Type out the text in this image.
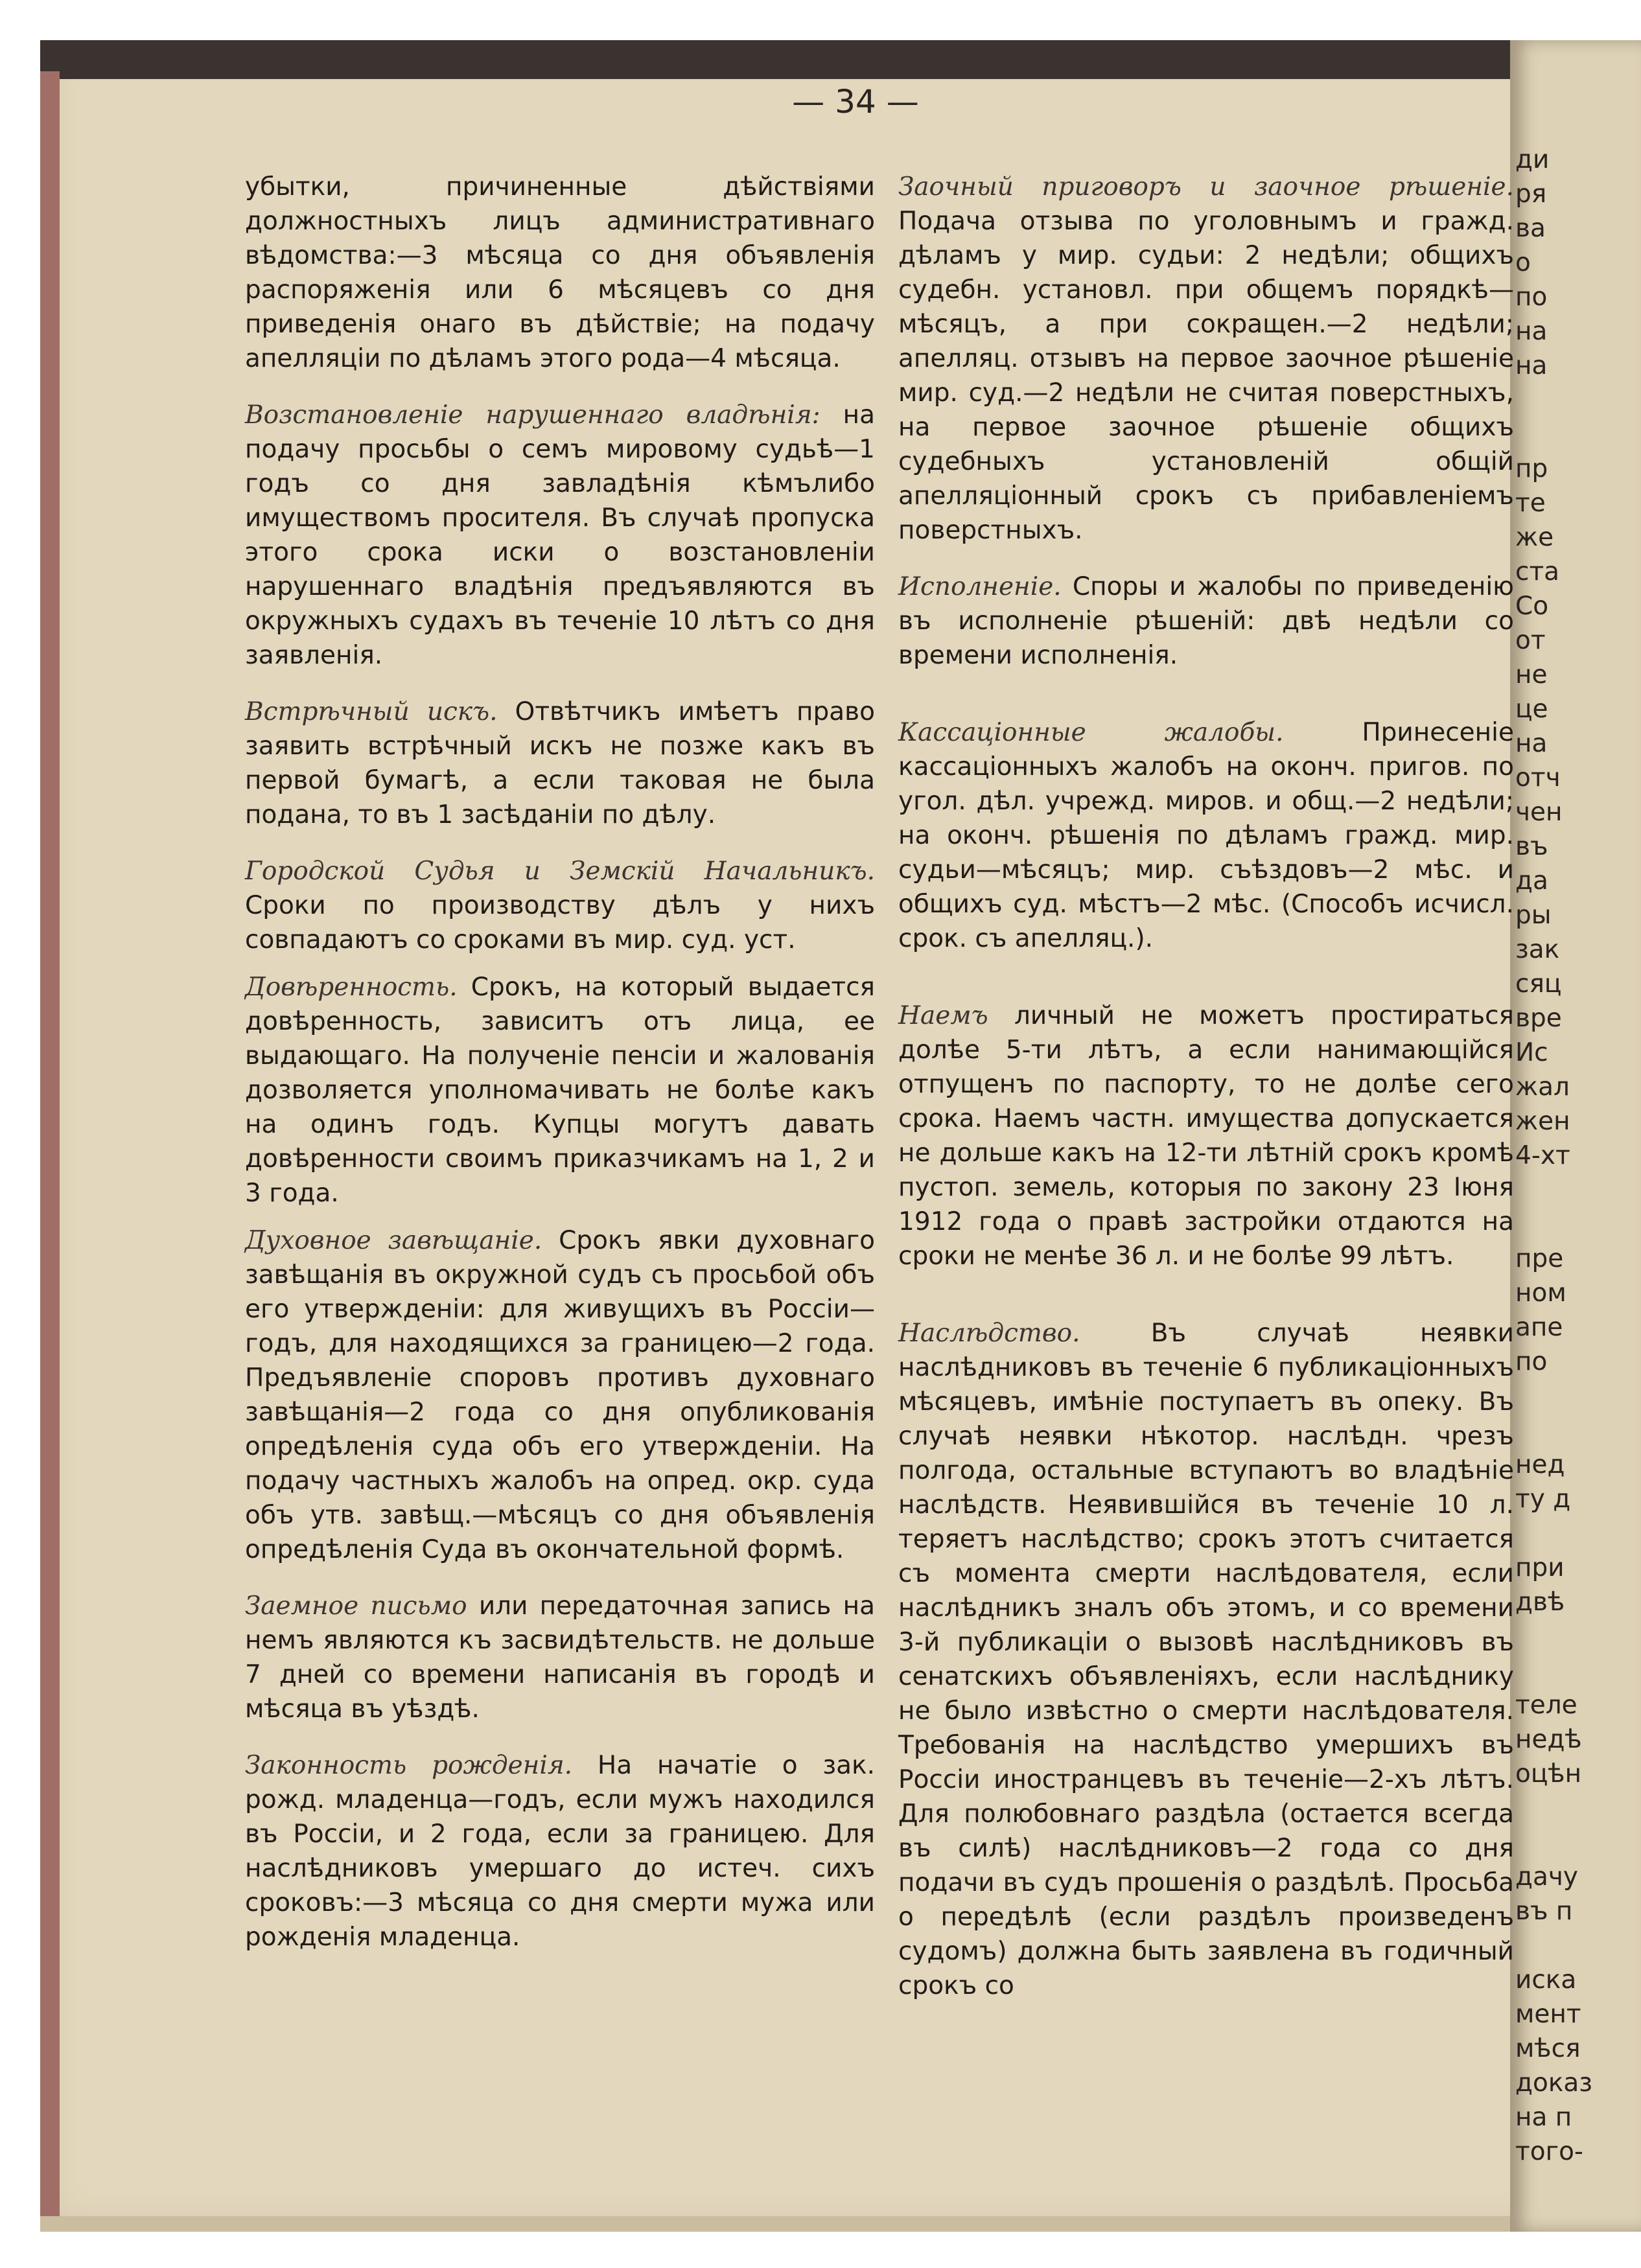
— 34 —

убытки, причиненные дѣйствіями должностныхъ лицъ административнаго вѣдомства:—3 мѣсяца со дня объявленія распоряженія или 6 мѣсяцевъ со дня приведенія онаго въ дѣйствіе; на подачу апелляціи по дѣламъ этого рода—4 мѣсяца.

Возстановленіе нарушеннаго владѣнія: на подачу просьбы о семъ мировому судьѣ—1 годъ со дня завладѣнія кѣмълибо имуществомъ просителя. Въ случаѣ пропуска этого срока иски о возстановленіи нарушеннаго владѣнія предъявляются въ окружныхъ судахъ въ теченіе 10 лѣтъ со дня заявленія.

Встрѣчный искъ. Отвѣтчикъ имѣетъ право заявить встрѣчный искъ не позже какъ въ первой бумагѣ, а если таковая не была подана, то въ 1 засѣданіи по дѣлу.

Городской Судья и Земскій Начальникъ. Сроки по производству дѣлъ у нихъ совпадаютъ со сроками въ мир. суд. уст.

Довѣренность. Срокъ, на который выдается довѣренность, зависитъ отъ лица, ее выдающаго. На полученіе пенсіи и жалованія дозволяется уполномачивать не болѣе какъ на одинъ годъ. Купцы могутъ давать довѣренности своимъ приказчикамъ на 1, 2 и 3 года.

Духовное завѣщаніе. Срокъ явки духовнаго завѣщанія въ окружной судъ съ просьбой объ его утвержденіи: для живущихъ въ Россіи—годъ, для находящихся за границею—2 года. Предъявленіе споровъ противъ духовнаго завѣщанія—2 года со дня опубликованія опредѣленія суда объ его утвержденіи. На подачу частныхъ жалобъ на опред. окр. суда объ утв. завѣщ.—мѣсяцъ со дня объявленія опредѣленія Суда въ окончательной формѣ.

Заемное письмо или передаточная запись на немъ являются къ засвидѣтельств. не дольше 7 дней со времени написанія въ городѣ и мѣсяца въ уѣздѣ.

Законность рожденія. На начатіе о зак. рожд. младенца—годъ, если мужъ находился въ Россіи, и 2 года, если за границею. Для наслѣдниковъ умершаго до истеч. сихъ сроковъ:—3 мѣсяца со дня смерти мужа или рожденія младенца.

Заочный приговоръ и заочное рѣшеніе. Подача отзыва по уголовнымъ и гражд. дѣламъ у мир. судьи: 2 недѣли; общихъ судебн. установл. при общемъ порядкѣ—мѣсяцъ, а при сокращен.—2 недѣли; апелляц. отзывъ на первое заочное рѣшеніе мир. суд.—2 недѣли не считая поверстныхъ, на первое заочное рѣшеніе общихъ судебныхъ установленій общій апелляціонный срокъ съ прибавленіемъ поверстныхъ.

Исполненіе. Споры и жалобы по приведенію въ исполненіе рѣшеній: двѣ недѣли со времени исполненія.

Кассаціонные жалобы.	Принесеніе кассаціонныхъ жалобъ на оконч. пригов. по угол. дѣл. учрежд. миров. и общ.—2 недѣли; на оконч. рѣшенія по дѣламъ гражд. мир. судьи—мѣсяцъ; мир. съѣздовъ—2 мѣс. и общихъ суд. мѣстъ—2 мѣс. (Способъ исчисл. срок. съ апелляц.).

Наемъ личный не можетъ простираться долѣе 5-ти лѣтъ, а если нанимающійся отпущенъ по паспорту, то не долѣе сего срока. Наемъ частн. имущества допускается не дольше какъ на 12-ти лѣтній срокъ кромѣ пустоп. земель, которыя по закону 23 Іюня 1912 года о правѣ застройки отдаются на сроки не менѣе 36 л. и не болѣе 99 лѣтъ.

Наслѣдство.	Въ случаѣ неявки наслѣдниковъ въ теченіе 6 публикаціонныхъ мѣсяцевъ, имѣніе поступаетъ въ опеку. Въ случаѣ неявки нѣкотор. наслѣдн. чрезъ полгода, остальные вступаютъ во владѣніе наслѣдств. Неявившійся въ теченіе 10 л. теряетъ наслѣдство; срокъ этотъ считается съ момента смерти наслѣдователя, если наслѣдникъ зналъ объ этомъ, и со времени 3-й публикаціи о вызовѣ наслѣдниковъ въ сенатскихъ объявленіяхъ, если наслѣднику не было извѣстно о смерти наслѣдователя. Требованія на наслѣдство умершихъ въ Россіи иностранцевъ въ теченіе—2-хъ лѣтъ. Для полюбовнаго раздѣла (остается всегда въ силѣ) наслѣдниковъ—2 года со дня подачи въ судъ прошенія о раздѣлѣ. Просьба о передѣлѣ (если раздѣлъ произведенъ судомъ) должна быть заявлена въ годичный срокъ со

ди
ря
ва
о
по
на
на
пр
те
же
ста
Со
от
не
це
на
отч
чен
въ
да
ры
зак
сяц
вре
Ис
жал
жен
4-хт
пре
ном
апе
по
нед
ту д
при
двѣ
теле
недѣ
оцѣн
дачу
въ п
иска
мент
мѣся
доказ
на п
того-
